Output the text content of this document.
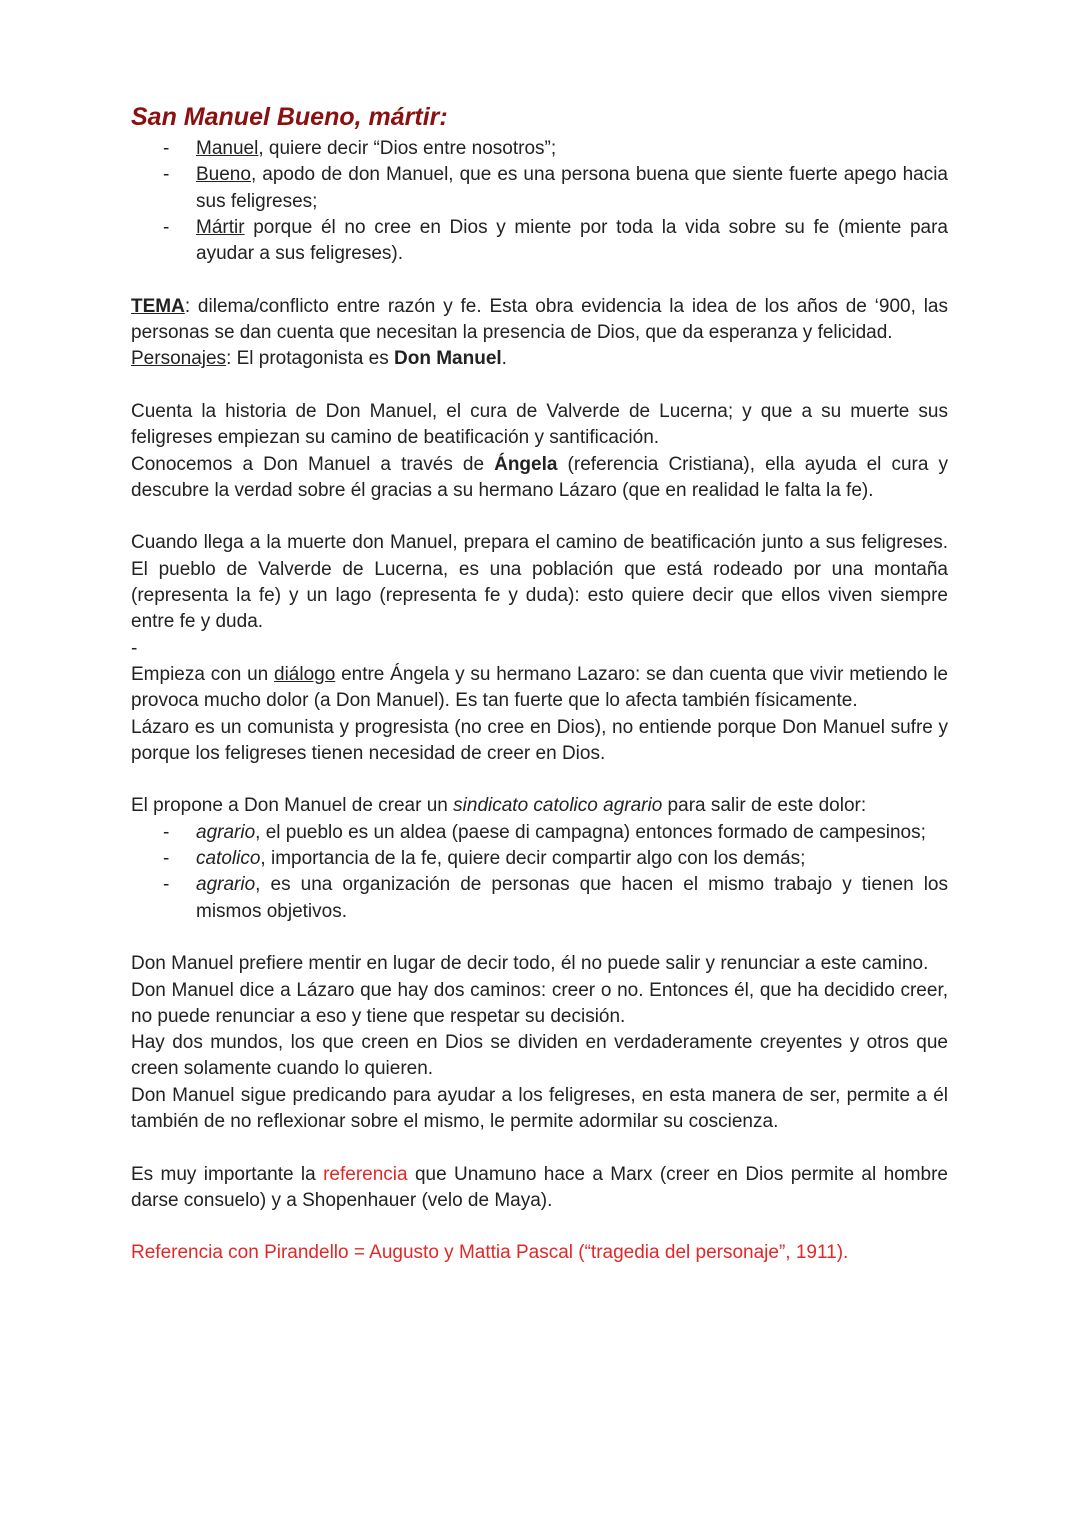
San Manuel Bueno, mártir:
- Manuel, quiere decir “Dios entre nosotros”;
- Bueno, apodo de don Manuel, que es una persona buena que siente fuerte apego hacia sus feligreses;
- Mártir porque él no cree en Dios y miente por toda la vida sobre su fe (miente para ayudar a sus feligreses).

TEMA: dilema/conflicto entre razón y fe. Esta obra evidencia la idea de los años de ‘900, las personas se dan cuenta que necesitan la presencia de Dios, que da esperanza y felicidad.

Personajes: El protagonista es Don Manuel.

Cuenta la historia de Don Manuel, el cura de Valverde de Lucerna; y que a su muerte sus feligreses empiezan su camino de beatificación y santificación.

Conocemos a Don Manuel a través de Ángela (referencia Cristiana), ella ayuda el cura y descubre la verdad sobre él gracias a su hermano Lázaro (que en realidad le falta la fe).

Cuando llega a la muerte don Manuel, prepara el camino de beatificación junto a sus feligreses. El pueblo de Valverde de Lucerna, es una población que está rodeado por una montaña (representa la fe) y un lago (representa fe y duda): esto quiere decir que ellos viven siempre entre fe y duda.

-

Empieza con un diálogo entre Ángela y su hermano Lazaro: se dan cuenta que vivir metiendo le provoca mucho dolor (a Don Manuel). Es tan fuerte que lo afecta también físicamente.

Lázaro es un comunista y progresista (no cree en Dios), no entiende porque Don Manuel sufre y porque los feligreses tienen necesidad de creer en Dios.

El propone a Don Manuel de crear un sindicato catolico agrario para salir de este dolor:

- agrario, el pueblo es un aldea (paese di campagna) entonces formado de campesinos;
- catolico, importancia de la fe, quiere decir compartir algo con los demás;
- agrario, es una organización de personas que hacen el mismo trabajo y tienen los mismos objetivos.

Don Manuel prefiere mentir en lugar de decir todo, él no puede salir y renunciar a este camino.

Don Manuel dice a Lázaro que hay dos caminos: creer o no. Entonces él, que ha decidido creer, no puede renunciar a eso y tiene que respetar su decisión.

Hay dos mundos, los que creen en Dios se dividen en verdaderamente creyentes y otros que creen solamente cuando lo quieren.

Don Manuel sigue predicando para ayudar a los feligreses, en esta manera de ser, permite a él también de no reflexionar sobre el mismo, le permite adormilar su coscienza.

Es muy importante la referencia que Unamuno hace a Marx (creer en Dios permite al hombre darse consuelo) y a Shopenhauer (velo de Maya).

Referencia con Pirandello = Augusto y Mattia Pascal (“tragedia del personaje”, 1911).
